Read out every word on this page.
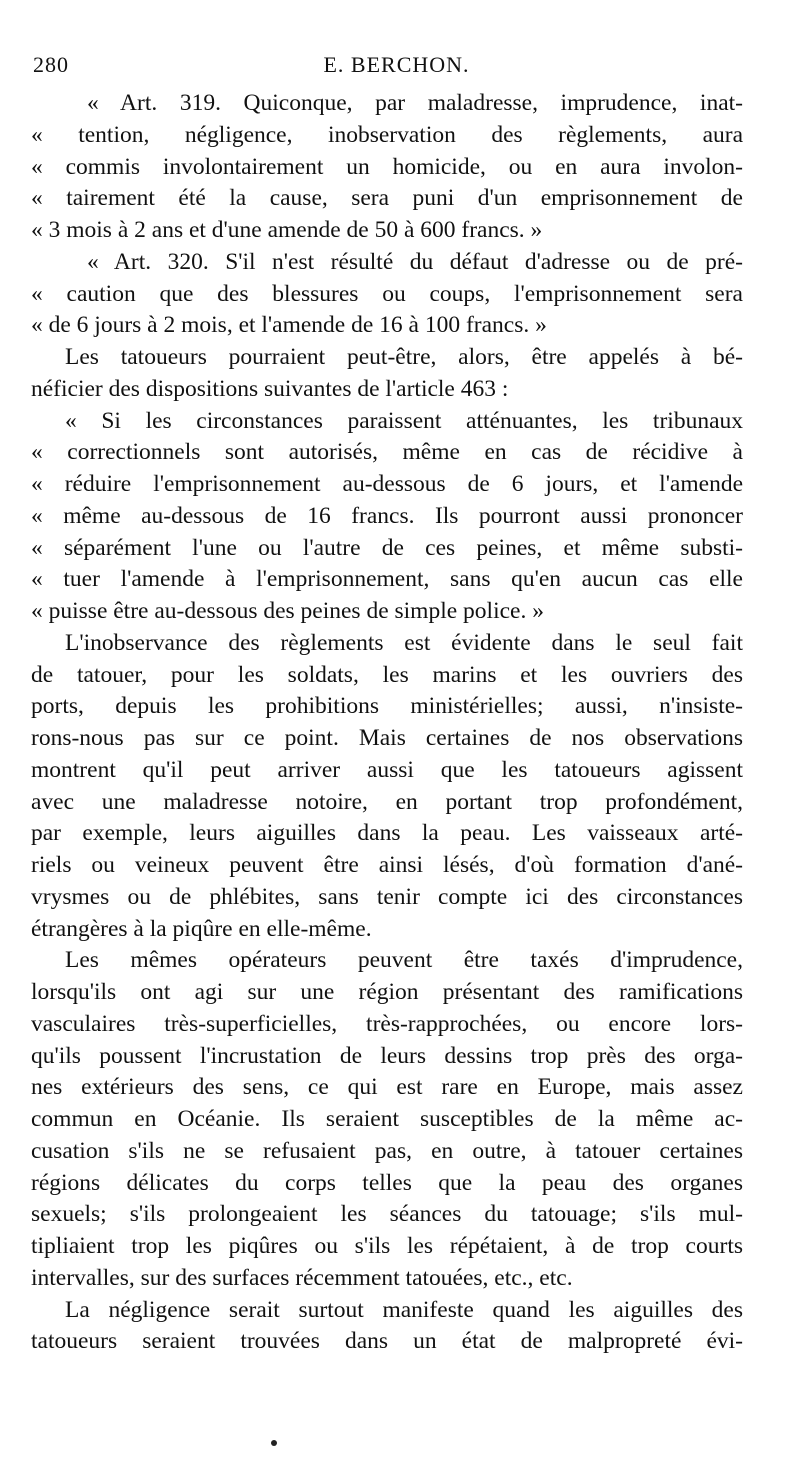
280	E. BERCHON.
« Art. 319. Quiconque, par maladresse, imprudence, inat-
« tention, négligence, inobservation des règlements, aura
« commis involontairement un homicide, ou en aura involon-
« tairement été la cause, sera puni d'un emprisonnement de
« 3 mois à 2 ans et d'une amende de 50 à 600 francs. »
« Art. 320. S'il n'est résulté du défaut d'adresse ou de pré-
« caution que des blessures ou coups, l'emprisonnement sera
« de 6 jours à 2 mois, et l'amende de 16 à 100 francs. »
Les tatoueurs pourraient peut-être, alors, être appelés à bé-
néficier des dispositions suivantes de l'article 463 :
« Si les circonstances paraissent atténuantes, les tribunaux
« correctionnels sont autorisés, même en cas de récidive à
« réduire l'emprisonnement au-dessous de 6 jours, et l'amende
« même au-dessous de 16 francs. Ils pourront aussi prononcer
« séparément l'une ou l'autre de ces peines, et même substi-
« tuer l'amende à l'emprisonnement, sans qu'en aucun cas elle
« puisse être au-dessous des peines de simple police. »
L'inobservance des règlements est évidente dans le seul fait
de tatouer, pour les soldats, les marins et les ouvriers des
ports, depuis les prohibitions ministérielles; aussi, n'insiste-
rons-nous pas sur ce point. Mais certaines de nos observations
montrent qu'il peut arriver aussi que les tatoueurs agissent
avec une maladresse notoire, en portant trop profondément,
par exemple, leurs aiguilles dans la peau. Les vaisseaux arté-
riels ou veineux peuvent être ainsi lésés, d'où formation d'ané-
vrysmes ou de phlébites, sans tenir compte ici des circonstances
étrangères à la piqûre en elle-même.
Les mêmes opérateurs peuvent être taxés d'imprudence,
lorsqu'ils ont agi sur une région présentant des ramifications
vasculaires très-superficielles, très-rapprochées, ou encore lors-
qu'ils poussent l'incrustation de leurs dessins trop près des orga-
nes extérieurs des sens, ce qui est rare en Europe, mais assez
commun en Océanie. Ils seraient susceptibles de la même ac-
cusation s'ils ne se refusaient pas, en outre, à tatouer certaines
régions délicates du corps telles que la peau des organes
sexuels; s'ils prolongeaient les séances du tatouage; s'ils mul-
tipliaient trop les piqûres ou s'ils les répétaient, à de trop courts
intervalles, sur des surfaces récemment tatouées, etc., etc.
La négligence serait surtout manifeste quand les aiguilles des
tatoueurs seraient trouvées dans un état de malpropreté évi-
